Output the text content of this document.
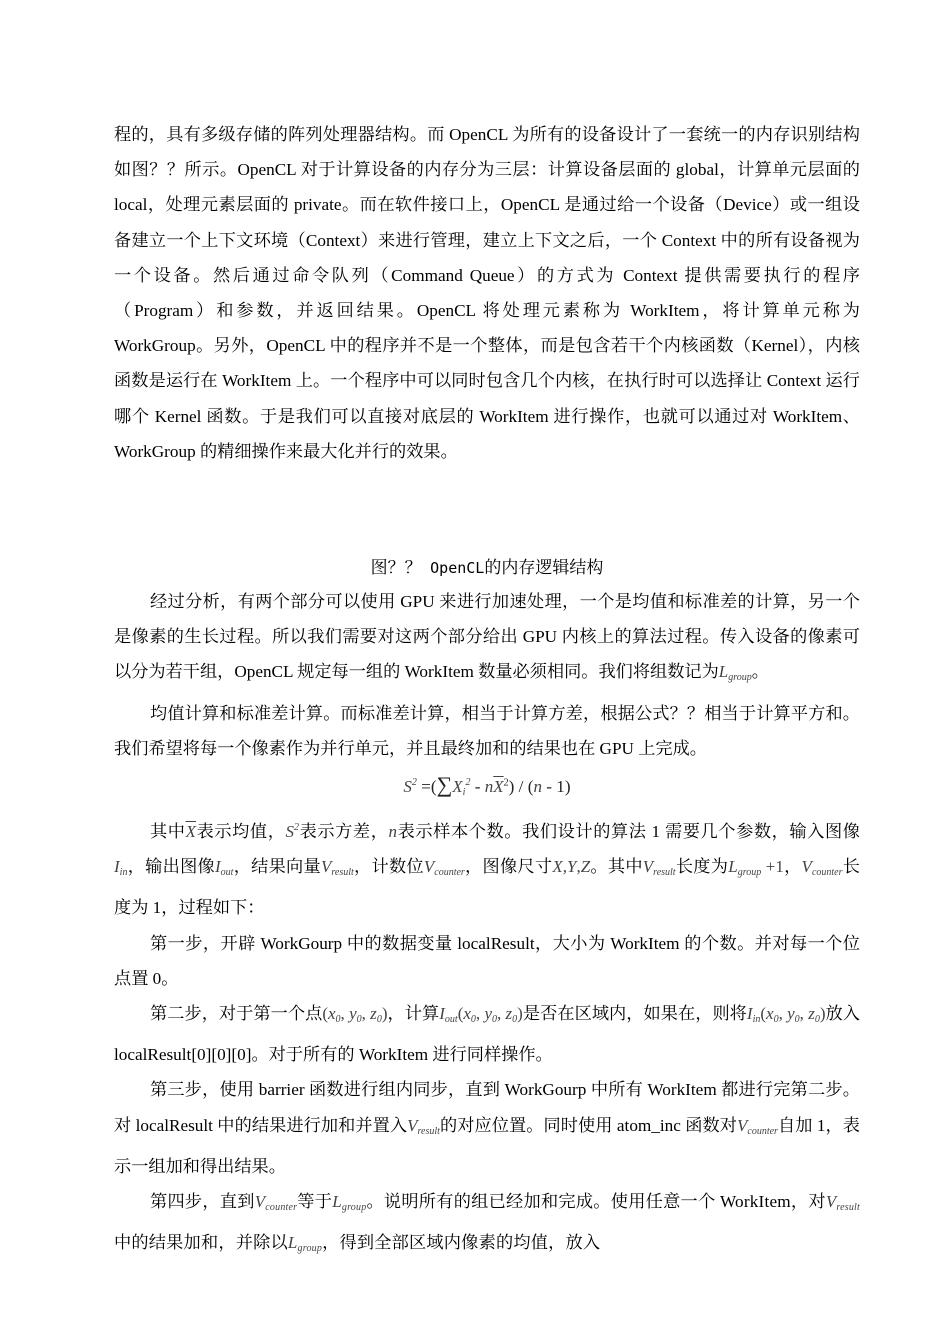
程的，具有多级存储的阵列处理器结构。而 OpenCL 为所有的设备设计了一套统一的内存识别结构如图？？所示。OpenCL 对于计算设备的内存分为三层：计算设备层面的 global，计算单元层面的 local，处理元素层面的 private。而在软件接口上，OpenCL 是通过给一个设备（Device）或一组设备建立一个上下文环境（Context）来进行管理，建立上下文之后，一个 Context 中的所有设备视为一个设备。然后通过命令队列（Command Queue）的方式为 Context 提供需要执行的程序（Program）和参数，并返回结果。OpenCL 将处理元素称为 WorkItem，将计算单元称为 WorkGroup。另外，OpenCL 中的程序并不是一个整体，而是包含若干个内核函数（Kernel），内核函数是运行在 WorkItem 上。一个程序中可以同时包含几个内核，在执行时可以选择让 Context 运行哪个 Kernel 函数。于是我们可以直接对底层的 WorkItem 进行操作，也就可以通过对 WorkItem、WorkGroup 的精细操作来最大化并行的效果。

图？？ OpenCL的内存逻辑结构

经过分析，有两个部分可以使用 GPU 来进行加速处理，一个是均值和标准差的计算，另一个是像素的生长过程。所以我们需要对这两个部分给出 GPU 内核上的算法过程。传入设备的像素可以分为若干组，OpenCL 规定每一组的 WorkItem 数量必须相同。我们将组数记为$L_{group}$。

均值计算和标准差计算。而标准差计算，相当于计算方差，根据公式？？相当于计算平方和。我们希望将每一个像素作为并行单元，并且最终加和的结果也在 GPU 上完成。

$S^2 =(\sum X_i^2 - n\overline{X}^2) / (n - 1)$

其中$\overline{X}$表示均值，$S^2$表示方差，n表示样本个数。我们设计的算法 1 需要几个参数，输入图像$I_{in}$，输出图像$I_{out}$，结果向量$V_{result}$，计数位$V_{counter}$，图像尺寸X,Y,Z。其中$V_{result}$长度为$L_{group} +1$，$V_{counter}$长度为 1，过程如下：

第一步，开辟 WorkGourp 中的数据变量 localResult，大小为 WorkItem 的个数。并对每一个位点置 0。

第二步，对于第一个点($x_0$, $y_0$, $z_0$)，计算$I_{out}(x_0$, $y_0$, $z_0$)是否在区域内，如果在，则将$I_{in}(x_0$, $y_0$, $z_0$)放入 localResult[0][0][0]。对于所有的 WorkItem 进行同样操作。

第三步，使用 barrier 函数进行组内同步，直到 WorkGourp 中所有 WorkItem 都进行完第二步。对 localResult 中的结果进行加和并置入$V_{result}$的对应位置。同时使用 atom_inc 函数对$V_{counter}$自加 1，表示一组加和得出结果。

第四步，直到$V_{counter}$等于$L_{group}$。说明所有的组已经加和完成。使用任意一个 WorkItem，对$V_{result}$中的结果加和，并除以$L_{group}$，得到全部区域内像素的均值，放入
